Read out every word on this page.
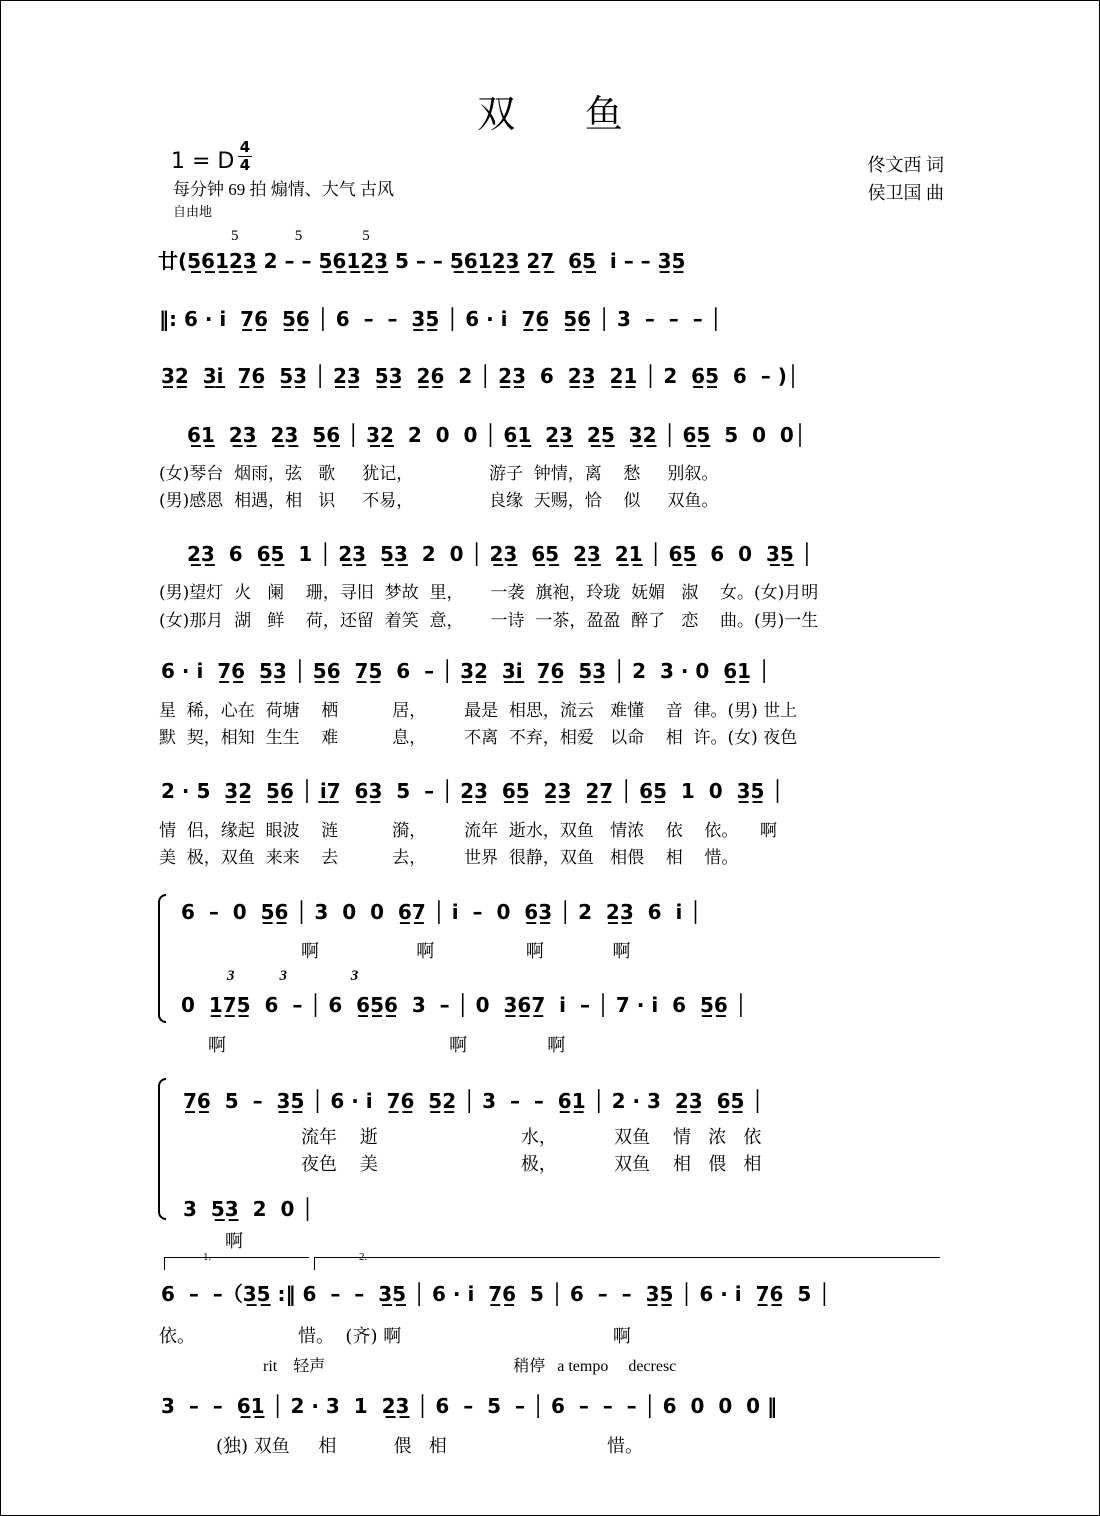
双 鱼
1 = D
4
4
每分钟 69 拍 煽情、大气 古风
自由地
佟文西 词
侯卫国 曲
5               5                5
廿(5̲6̲1̲2̲3̲ 2 – – 5̲6̲1̲2̲3̲ 5 – – 5̲6̲1̲2̲3̲ 2̲7̲  6̲5̲  i – – 3̲5̲
‖: 6 · i  7̲6̲  5̲6̲ │ 6  –  –  3̲5̲ │ 6 · i  7̲6̲  5̲6̲ │ 3  –  –  – │
3̲2̲  3̲i̲  7̲6̲  5̲3̲ │ 2̲3̲  5̲3̲  2̲6̲  2 │ 2̲3̲  6  2̲3̲  2̲1̲ │ 2  6̲5̲  6  – )│
6̲1̲  2̲3̲  2̲3̲  5̲6̲ │ 3̲2̲  2  0  0 │ 6̲1̲  2̲3̲  2̲5̲  3̲2̲ │ 6̲5̲  5  0  0│
(女)琴台  烟雨，弦   歌     犹记，              游子  钟情，离    愁     别叙。
(男)感恩  相遇，相   识     不易，              良缘  天赐，恰    似     双鱼。
2̲3̲  6  6̲5̲  1 │ 2̲3̲  5̲3̲  2  0 │ 2̲3̲  6̲5̲  2̲3̲  2̲1̲ │ 6̲5̲  6  0  3̲5̲ │
(男)望灯  火   阑    珊，寻旧  梦故  里，     一袭  旗袍，玲珑  妩媚   淑    女。(女)月明
(女)那月  湖   鲜    荷，还留  着笑  意，     一诗  一茶，盈盈  醉了   恋    曲。(男)一生
6 · i  7̲6̲  5̲3̲ │ 5̲6̲  7̲5̲  6  – │ 3̲2̲  3̲i̲  7̲6̲  5̲3̲ │ 2  3 · 0  6̲1̲ │
星  稀，心在  荷塘    栖          居，       最是  相思，流云   难懂    音  律。(男) 世上
默  契，相知  生生    难          息，       不离  不弃，相爱   以命    相  许。(女) 夜色
2 · 5  3̲2̲  5̲6̲ │ i̲7̲  6̲3̲  5  – │ 2̲3̲  6̲5̲  2̲3̲  2̲7̲ │ 6̲5̲  1  0  3̲5̲ │
情  侣，缘起  眼波    涟          漪，       流年  逝水，双鱼   情浓    依    依。    啊
美  极，双鱼  来来    去          去，       世界  很静，双鱼   相偎    相    惜。
6  –  0  5̲6̲ │ 3  0  0  6̲7̲ │ i  –  0  6̲3̲ │ 2  2̲3̲  6  i │
啊                 啊                啊            啊
3            3                 3
0  1̲7̲5̲  6  – │ 6  6̲5̲6̲  3  – │ 0  3̲6̲7̲  i  – │ 7 · i  6  5̲6̲ │
啊                                       啊              啊
7̲6̲  5  –  3̲5̲ │ 6 · i  7̲6̲  5̲2̲ │ 3  –  –  6̲1̲ │ 2 · 3  2̲3̲  6̲5̲ │
流年    逝                         水，          双鱼    情   浓   依
夜色    美                         极，          双鱼    相   偎   相
3  5̲3̲  2  0 │
啊
1.	2.
6  –  –（3̲5̲ :‖ 6  –  –  3̲5̲ │ 6 · i  7̲6̲  5 │ 6  –  –  3̲5̲ │ 6 · i  7̲6̲  5 │
依。                  惜。  (齐) 啊                                     啊
rit    轻声                                               稍停   a tempo     decresc
3  –  –  6̲1̲ │ 2 · 3  1  2̲3̲ │ 6  –  5  – │ 6  –  –  – │ 6  0  0  0 ‖
(独) 双鱼     相          偎   相                            惜。
